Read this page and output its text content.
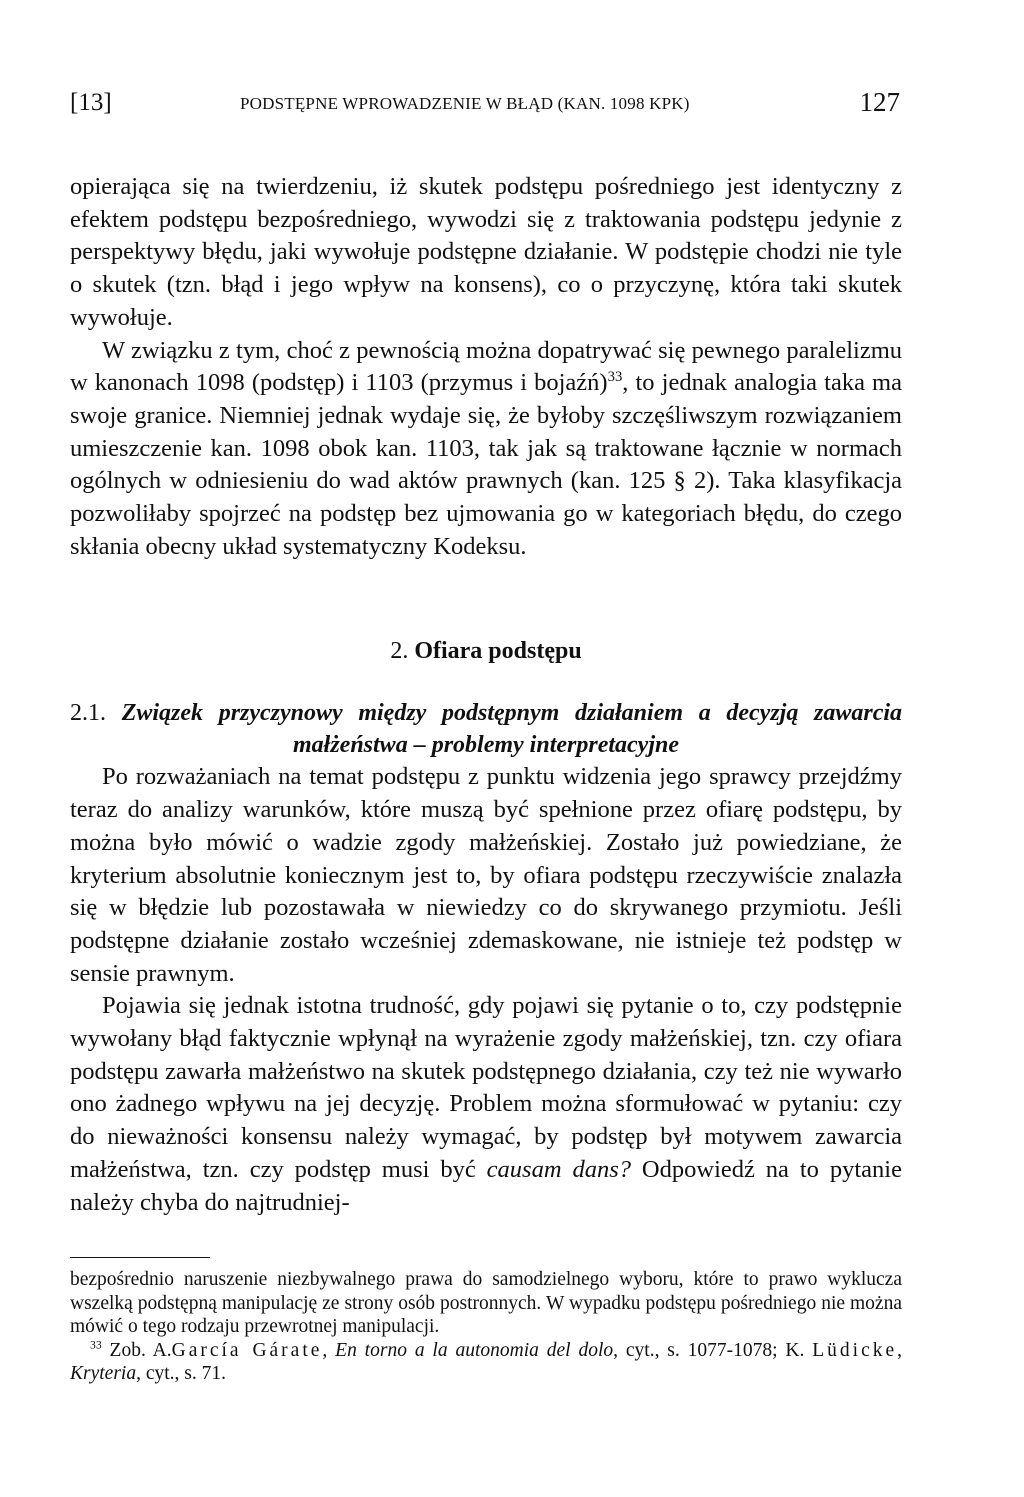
[13]	PODSTĘPNE WPROWADZENIE W BŁĄD (KAN. 1098 KPK)	127

opierająca się na twierdzeniu, iż skutek podstępu pośredniego jest identyczny z efektem podstępu bezpośredniego, wywodzi się z traktowania podstępu jedynie z perspektywy błędu, jaki wywołuje podstępne działanie. W podstępie chodzi nie tyle o skutek (tzn. błąd i jego wpływ na konsens), co o przyczynę, która taki skutek wywołuje.

W związku z tym, choć z pewnością można dopatrywać się pewnego paralelizmu w kanonach 1098 (podstęp) i 1103 (przymus i bojaźń)$^{33}$, to jednak analogia taka ma swoje granice. Niemniej jednak wydaje się, że byłoby szczęśliwszym rozwiązaniem umieszczenie kan. 1098 obok kan. 1103, tak jak są traktowane łącznie w normach ogólnych w odniesieniu do wad aktów prawnych (kan. 125 § 2). Taka klasyfikacja pozwoliłaby spojrzeć na podstęp bez ujmowania go w kategoriach błędu, do czego skłania obecny układ systematyczny Kodeksu.

2. Ofiara podstępu
2.1. Związek przyczynowy między podstępnym działaniem a decyzją zawarcia
małżeństwa – problemy interpretacyjne

Po rozważaniach na temat podstępu z punktu widzenia jego sprawcy przejdźmy teraz do analizy warunków, które muszą być spełnione przez ofiarę podstępu, by można było mówić o wadzie zgody małżeńskiej. Zostało już powiedziane, że kryterium absolutnie koniecznym jest to, by ofiara podstępu rzeczywiście znalazła się w błędzie lub pozostawała w niewiedzy co do skrywanego przymiotu. Jeśli podstępne działanie zostało wcześniej zdemaskowane, nie istnieje też podstęp w sensie prawnym.

Pojawia się jednak istotna trudność, gdy pojawi się pytanie o to, czy podstępnie wywołany błąd faktycznie wpłynął na wyrażenie zgody małżeńskiej, tzn. czy ofiara podstępu zawarła małżeństwo na skutek podstępnego działania, czy też nie wywarło ono żadnego wpływu na jej decyzję. Problem można sformułować w pytaniu: czy do nieważności konsensu należy wymagać, by podstęp był motywem zawarcia małżeństwa, tzn. czy podstęp musi być causam dans? Odpowiedź na to pytanie należy chyba do najtrudniej-

bezpośrednio naruszenie niezbywalnego prawa do samodzielnego wyboru, które to prawo wyklucza wszelką podstępną manipulację ze strony osób postronnych. W wypadku podstępu pośredniego nie można mówić o tego rodzaju przewrotnej manipulacji.

$^{33}$ Zob. A.García Gárate, En torno a la autonomia del dolo, cyt., s. 1077-1078; K. Lüdicke, Kryteria, cyt., s. 71.
